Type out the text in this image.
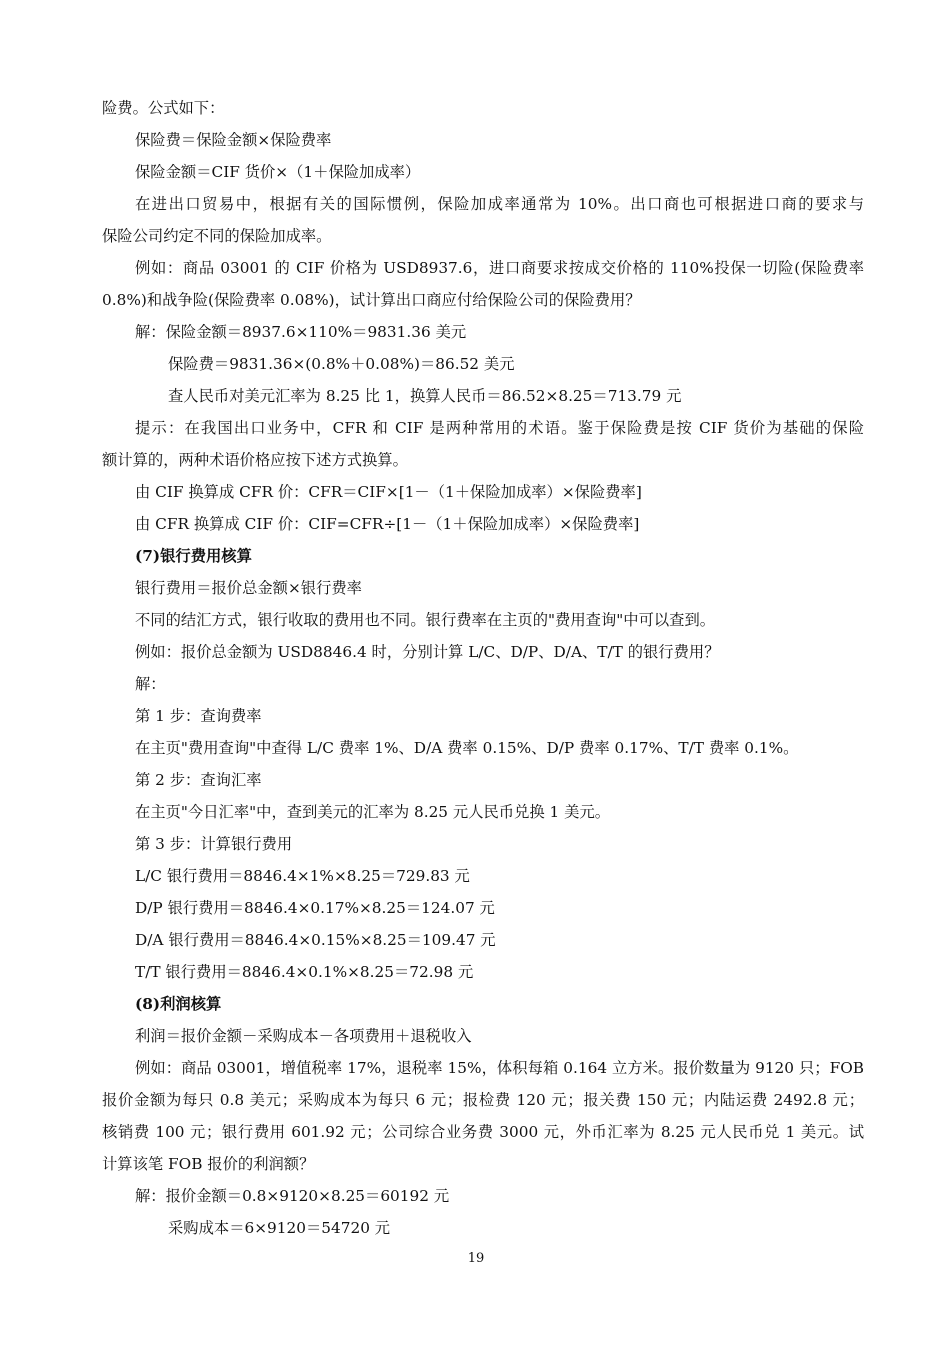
险费。公式如下：
保险费＝保险金额×保险费率
保险金额＝CIF 货价×（1＋保险加成率）
在进出口贸易中，根据有关的国际惯例，保险加成率通常为 10%。出口商也可根据进口商的要求与
保险公司约定不同的保险加成率。
例如：商品 03001 的 CIF 价格为 USD8937.6，进口商要求按成交价格的 110%投保一切险(保险费率
0.8%)和战争险(保险费率 0.08%)，试计算出口商应付给保险公司的保险费用？
解：保险金额＝8937.6×110%＝9831.36 美元
保险费＝9831.36×(0.8%＋0.08%)＝86.52 美元
查人民币对美元汇率为 8.25 比 1，换算人民币＝86.52×8.25＝713.79 元
提示：在我国出口业务中，CFR 和 CIF 是两种常用的术语。鉴于保险费是按 CIF 货价为基础的保险
额计算的，两种术语价格应按下述方式换算。
由 CIF 换算成 CFR 价：CFR＝CIF×[1－（1＋保险加成率）×保险费率]
由 CFR 换算成 CIF 价：CIF=CFR÷[1－（1＋保险加成率）×保险费率]
(7)银行费用核算
银行费用＝报价总金额×银行费率
不同的结汇方式，银行收取的费用也不同。银行费率在主页的"费用查询"中可以查到。
例如：报价总金额为 USD8846.4 时，分别计算 L/C、D/P、D/A、T/T 的银行费用？
解：
第 1 步：查询费率
在主页"费用查询"中查得 L/C 费率 1%、D/A 费率 0.15%、D/P 费率 0.17%、T/T 费率 0.1%。
第 2 步：查询汇率
在主页"今日汇率"中，查到美元的汇率为 8.25 元人民币兑换 1 美元。
第 3 步：计算银行费用
L/C 银行费用＝8846.4×1%×8.25＝729.83 元
D/P 银行费用＝8846.4×0.17%×8.25＝124.07 元
D/A 银行费用＝8846.4×0.15%×8.25＝109.47 元
T/T 银行费用＝8846.4×0.1%×8.25＝72.98 元
(8)利润核算
利润＝报价金额－采购成本－各项费用＋退税收入
例如：商品 03001，增值税率 17%，退税率 15%，体积每箱 0.164 立方米。报价数量为 9120 只；FOB
报价金额为每只 0.8 美元；采购成本为每只 6 元；报检费 120 元；报关费 150 元；内陆运费 2492.8 元；
核销费 100 元；银行费用 601.92 元；公司综合业务费 3000 元，外币汇率为 8.25 元人民币兑 1 美元。试
计算该笔 FOB 报价的利润额？
解：报价金额＝0.8×9120×8.25＝60192 元
采购成本＝6×9120＝54720 元
19
